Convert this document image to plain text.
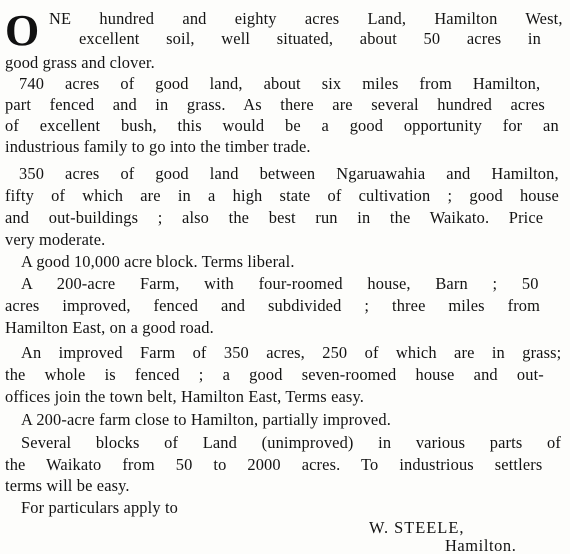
O NE hundred and eighty acres Land, Hamilton West,
excellent soil, well situated, about 50 acres in
good grass and clover.
740 acres of good land, about six miles from Hamilton,
part fenced and in grass. As there are several hundred acres
of excellent bush, this would be a good opportunity for an
industrious family to go into the timber trade.
350 acres of good land between Ngaruawahia and Hamilton,
fifty of which are in a high state of cultivation ; good house
and out-buildings ; also the best run in the Waikato. Price
very moderate.
A good 10,000 acre block. Terms liberal.
A 200-acre Farm, with four-roomed house, Barn ; 50
acres improved, fenced and subdivided ; three miles from
Hamilton East, on a good road.
An improved Farm of 350 acres, 250 of which are in grass;
the whole is fenced ; a good seven-roomed house and out-
offices join the town belt, Hamilton East, Terms easy.
A 200-acre farm close to Hamilton, partially improved.
Several blocks of Land (unimproved) in various parts of
the Waikato from 50 to 2000 acres. To industrious settlers
terms will be easy.
For particulars apply to
W. STEELE,
Hamilton.
